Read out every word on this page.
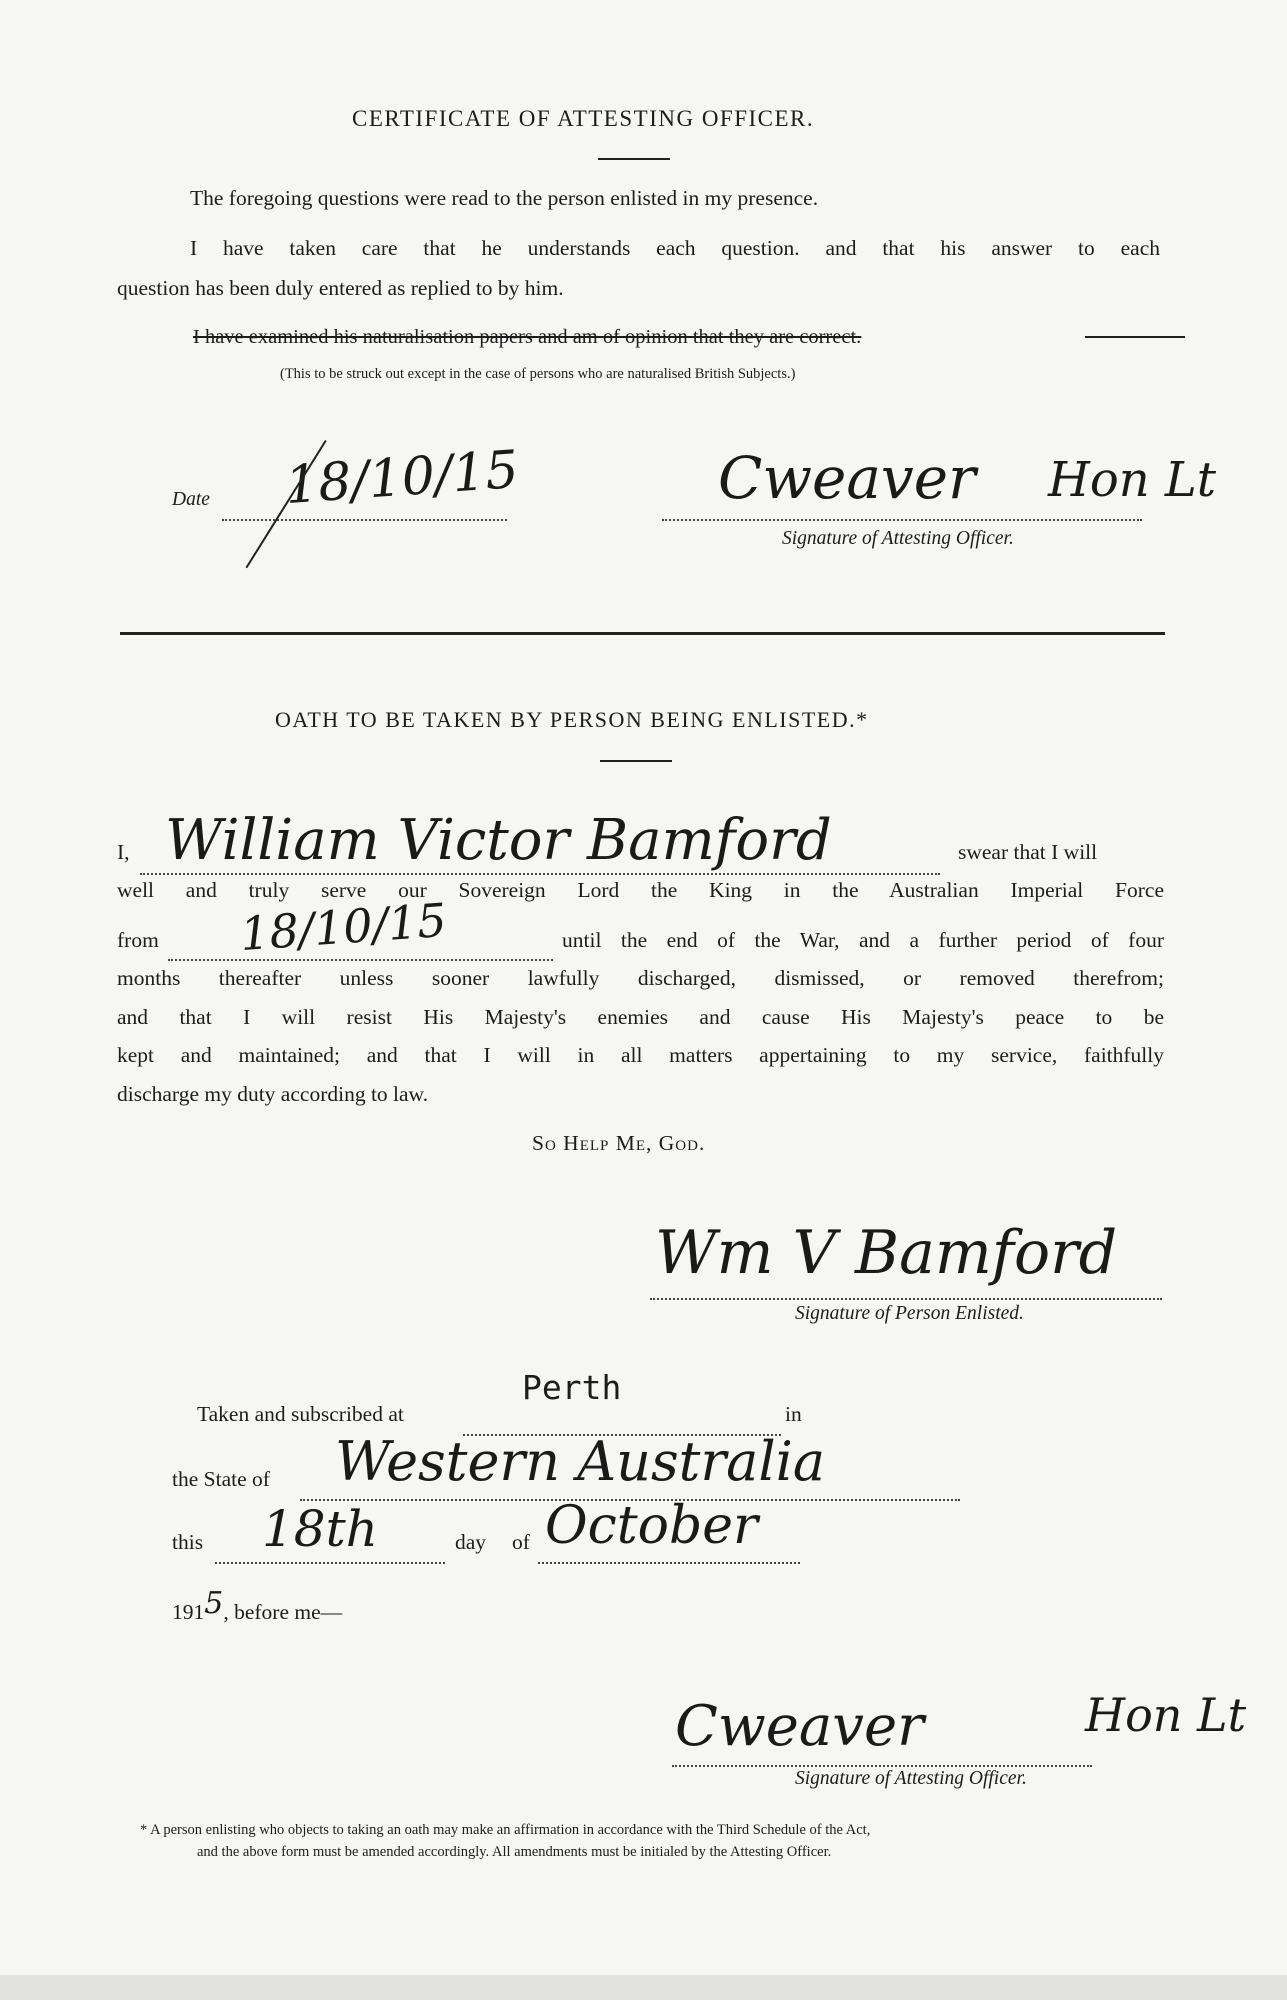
CERTIFICATE OF ATTESTING OFFICER.
The foregoing questions were read to the person enlisted in my presence.
I have taken care that he understands each question. and that his answer to each
question has been duly entered as replied to by him.
I have examined his naturalisation papers and am of opinion that they are correct.
(This to be struck out except in the case of persons who are naturalised British Subjects.)
Date 18/10/15	Cweaver Hon Lt
Signature of Attesting Officer.
OATH TO BE TAKEN BY PERSON BEING ENLISTED.*
I, William Victor Bamford	swear that I will
well and truly serve our Sovereign Lord the King in the Australian Imperial Force
from 18/10/15	until the end of the War, and a further period of four
months thereafter unless sooner lawfully discharged, dismissed, or removed therefrom;
and that I will resist His Majesty's enemies and cause His Majesty's peace to be
kept and maintained; and that I will in all matters appertaining to my service, faithfully
discharge my duty according to law.
So Help Me, God.
Wm V Bamford
Signature of Person Enlisted.
Taken and subscribed at
Perth
in
the State of Western Australia
this 18th	day of October
1915, before me—
Cweaver	Hon Lt
Signature of Attesting Officer.
* A person enlisting who objects to taking an oath may make an affirmation in accordance with the Third Schedule of the Act,
and the above form must be amended accordingly. All amendments must be initialed by the Attesting Officer.
